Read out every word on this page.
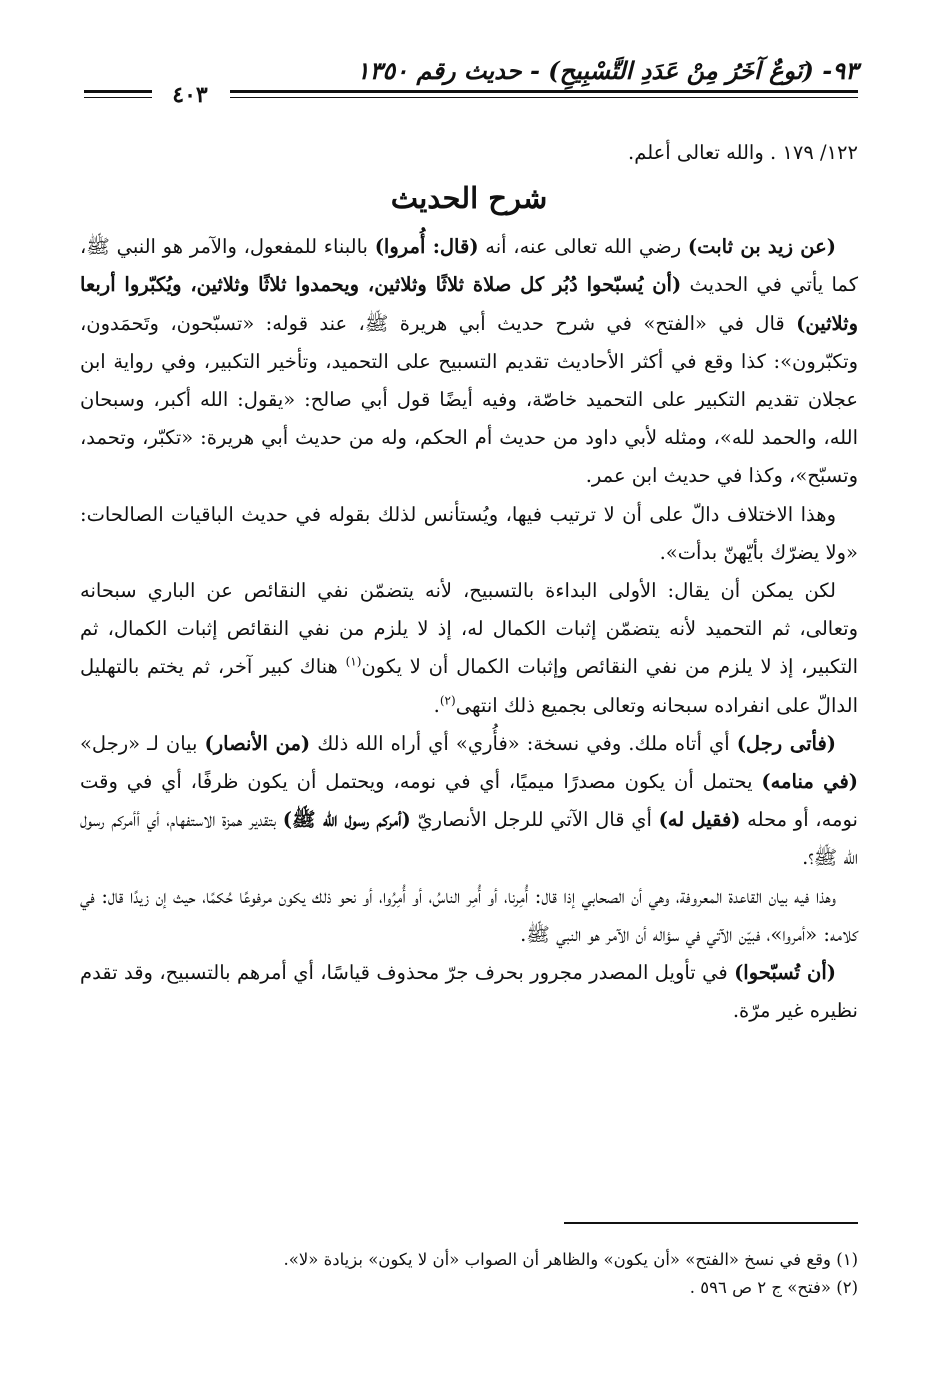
٩٣- (نَوعٌ آخَرُ مِنْ عَدَدِ التَّسْبِيحِ) - حديث رقم ١٣٥٠
٤٠٣

١٢٢/ ١٧٩ . والله تعالى أعلم.

شرح الحديث

(عن زيد بن ثابت) رضي الله تعالى عنه، أنه (قال: أُمروا) بالبناء للمفعول، والآمر هو النبي ﷺ، كما يأتي في الحديث (أن يُسبّحوا دُبُر كل صلاة ثلاثًا وثلاثين، ويحمدوا ثلاثًا وثلاثين، ويُكبّروا أربعا وثلاثين) قال في «الفتح» في شرح حديث أبي هريرة ﷺ، عند قوله: «تسبّحون، وتَحمَدون، وتكبّرون»: كذا وقع في أكثر الأحاديث تقديم التسبيح على التحميد، وتأخير التكبير، وفي رواية ابن عجلان تقديم التكبير على التحميد خاصّة، وفيه أيضًا قول أبي صالح: «يقول: الله أكبر، وسبحان الله، والحمد لله»، ومثله لأبي داود من حديث أم الحكم، وله من حديث أبي هريرة: «تكبّر، وتحمد، وتسبّح»، وكذا في حديث ابن عمر.

وهذا الاختلاف دالّ على أن لا ترتيب فيها، ويُستأنس لذلك بقوله في حديث الباقيات الصالحات: «ولا يضرّك بأيّهنّ بدأت».

لكن يمكن أن يقال: الأولى البداءة بالتسبيح، لأنه يتضمّن نفي النقائص عن الباري سبحانه وتعالى، ثم التحميد لأنه يتضمّن إثبات الكمال له، إذ لا يلزم من نفي النقائص إثبات الكمال، ثم التكبير، إذ لا يلزم من نفي النقائص وإثبات الكمال أن لا يكون$^{(١)}$ هناك كبير آخر، ثم يختم بالتهليل الدالّ على انفراده سبحانه وتعالى بجميع ذلك انتهى$^{(٢)}$.

(فأتى رجل) أي أتاه ملك. وفي نسخة: «فأُري» أي أراه الله ذلك (من الأنصار) بيان لـ «رجل» (في منامه) يحتمل أن يكون مصدرًا ميميًا، أي في نومه، ويحتمل أن يكون ظرفًا، أي في وقت نومه، أو محله (فقيل له) أي قال الآتي للرجل الأنصاريّ (أمركم رسول الله ﷺ) بتقدير همزة الاستفهام، أي أأمركم رسول الله ﷺ؟.

وهذا فيه بيان القاعدة المعروفة، وهي أن الصحابي إذا قال: أُمِرنا، أو أُمِر الناسُ، أو أُمِرُوا، أو نحو ذلك يكون مرفوعًا حُكمًا، حيث إن زيدًا قال: في كلامه: «أمروا»، فبيّن الآتي في سؤاله أن الآمر هو النبي ﷺ.

(أن تُسبّحوا) في تأويل المصدر مجرور بحرف جرّ محذوف قياسًا، أي أمرهم بالتسبيح، وقد تقدم نظيره غير مرّة.

(١) وقع في نسخ «الفتح» «أن يكون» والظاهر أن الصواب «أن لا يكون» بزيادة «لا».

(٢) «فتح» ج ٢ ص ٥٩٦ .
